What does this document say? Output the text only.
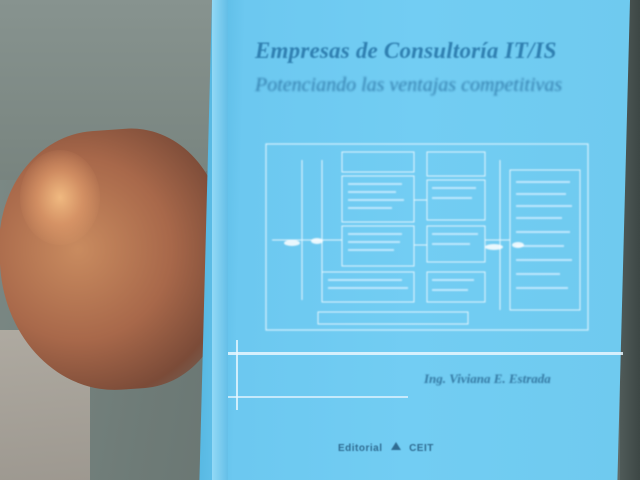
Empresas de Consultoría IT/IS
Potenciando las ventajas competitivas
Ing. Viviana E. Estrada
Editorial	CEIT
